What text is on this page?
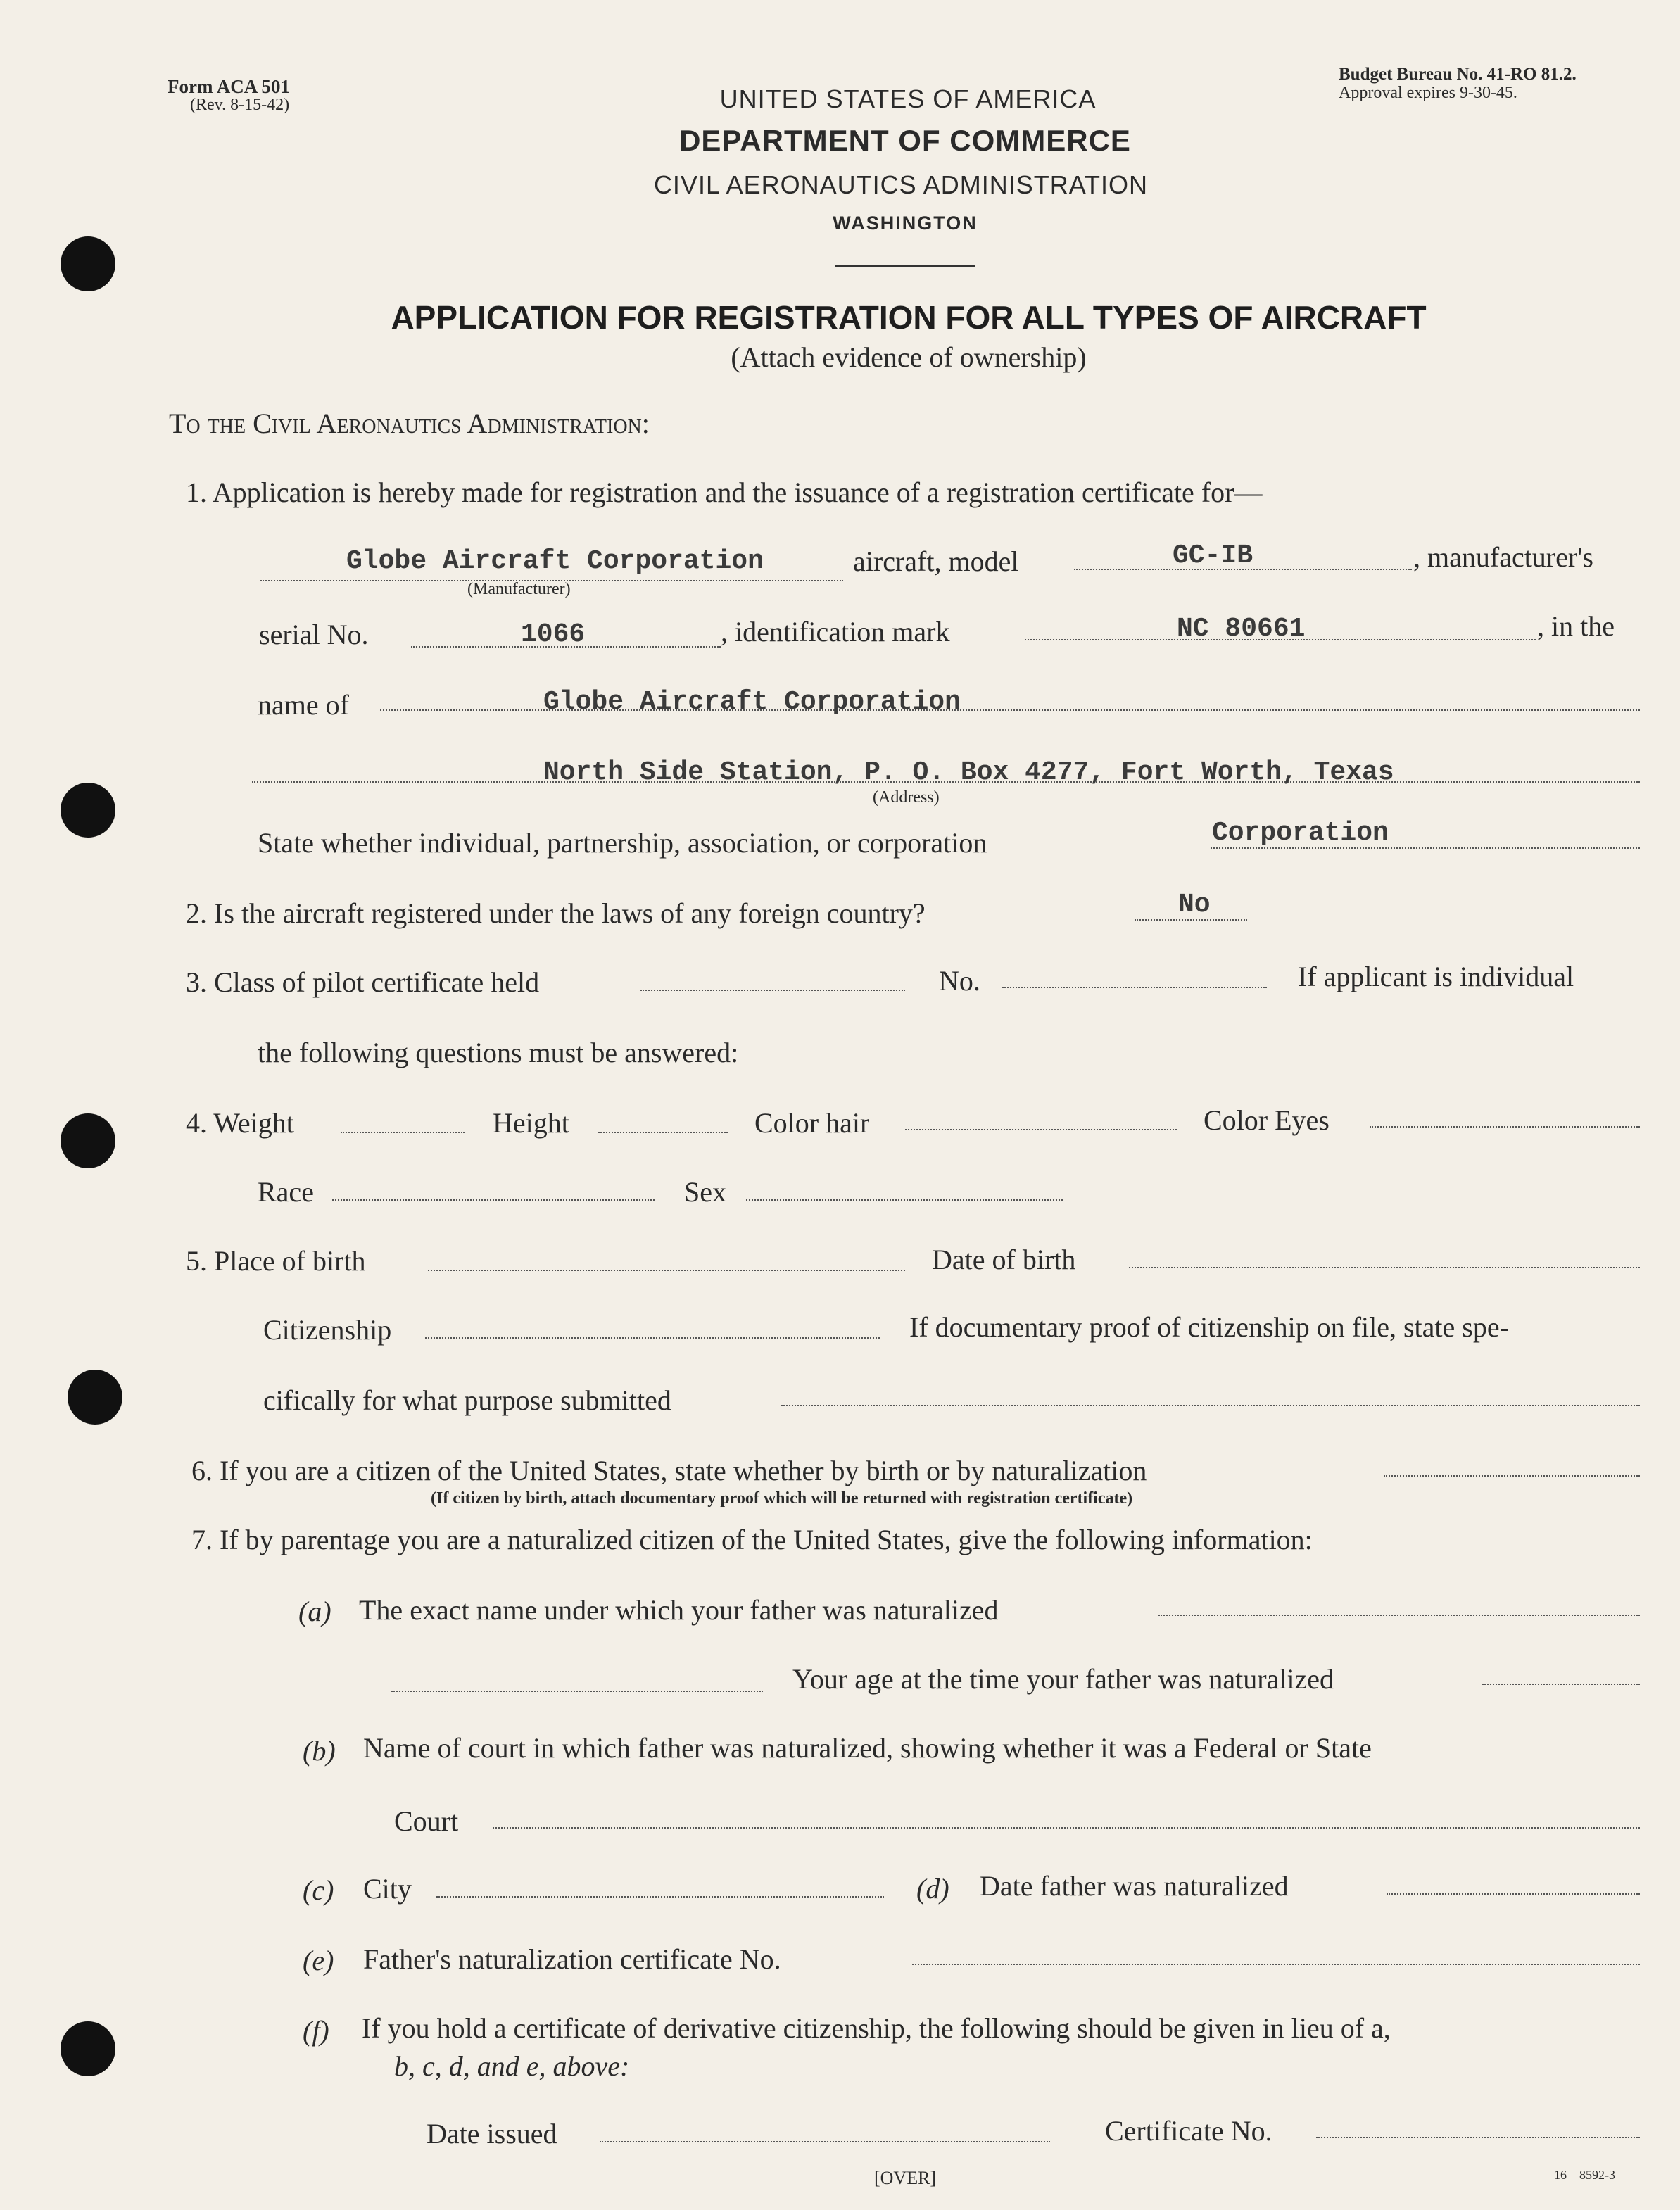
Form ACA 501
(Rev. 8-15-42)
Budget Bureau No. 41-RO 81.2.
Approval expires 9-30-45.
UNITED STATES OF AMERICA
DEPARTMENT OF COMMERCE
CIVIL AERONAUTICS ADMINISTRATION
WASHINGTON
APPLICATION FOR REGISTRATION FOR ALL TYPES OF AIRCRAFT
(Attach evidence of ownership)
To the Civil Aeronautics Administration:
1. Application is hereby made for registration and the issuance of a registration certificate for—
Globe Aircraft Corporation
(Manufacturer)
aircraft, model	GC-IB	, manufacturer's
serial No.	1066	, identification mark	NC 80661	, in the
name of	Globe Aircraft Corporation
North Side Station, P. O. Box 4277, Fort Worth, Texas
(Address)
State whether individual, partnership, association, or corporation	Corporation
2. Is the aircraft registered under the laws of any foreign country?	No
3. Class of pilot certificate held	No.	If applicant is individual
the following questions must be answered:
4. Weight	Height	Color hair	Color Eyes
Race	Sex
5. Place of birth	Date of birth
Citizenship	If documentary proof of citizenship on file, state spe-
cifically for what purpose submitted
6. If you are a citizen of the United States, state whether by birth or by naturalization
(If citizen by birth, attach documentary proof which will be returned with registration certificate)
7. If by parentage you are a naturalized citizen of the United States, give the following information:
(a) The exact name under which your father was naturalized
Your age at the time your father was naturalized
(b) Name of court in which father was naturalized, showing whether it was a Federal or State
Court
(c) City	(d) Date father was naturalized
(e) Father's naturalization certificate No.
(f) If you hold a certificate of derivative citizenship, the following should be given in lieu of a,
b, c, d, and e, above:
Date issued	Certificate No.
[OVER]	16—8592-3
